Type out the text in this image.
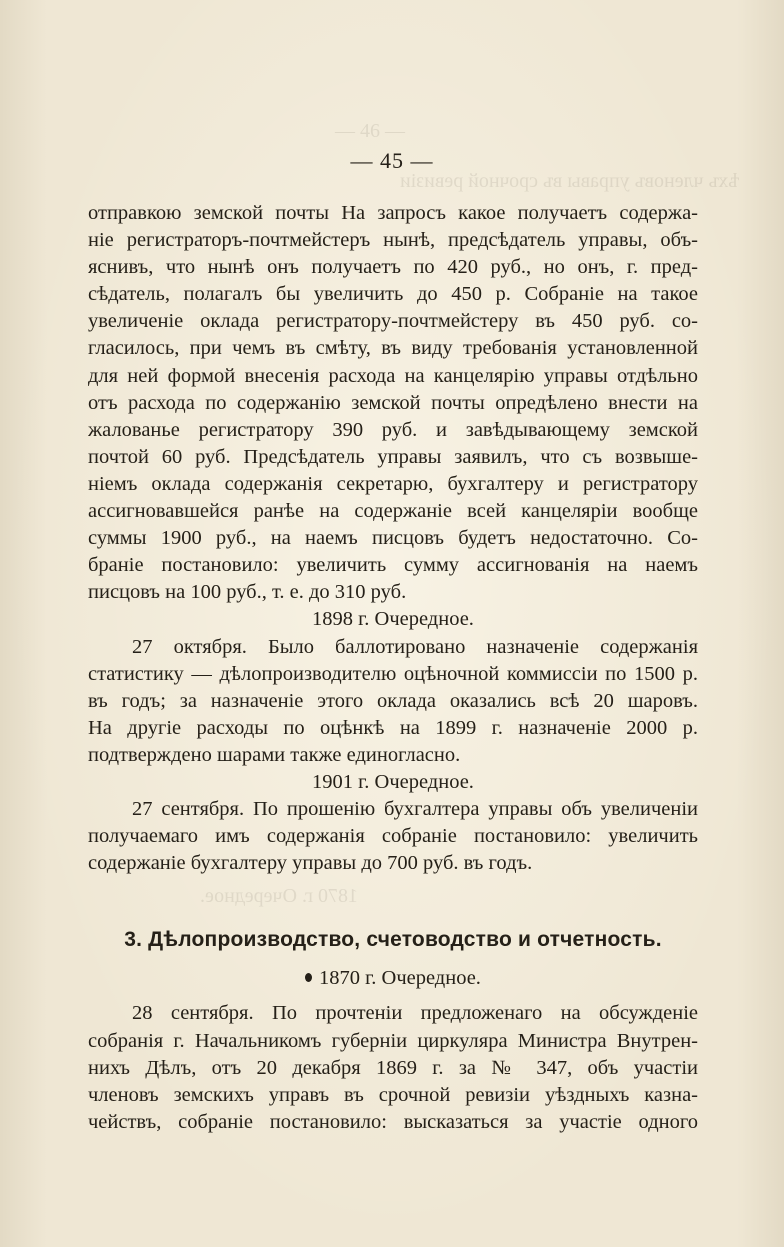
— 46 —
ѣхъ членовъ управы въ срочной ревизіи
1870 г. Очередное.
— 45 —
отправкою земской почты На запросъ какое получаетъ содержа-
ніе регистраторъ-почтмейстеръ нынѣ, предсѣдатель управы, объ-
яснивъ, что нынѣ онъ получаетъ по 420 руб., но онъ, г. пред-
сѣдатель, полагалъ бы увеличить до 450 р. Собраніе на такое
увеличеніе оклада регистратору-почтмейстеру въ 450 руб. со-
гласилось, при чемъ въ смѣту, въ виду требованія установленной
для ней формой внесенія расхода на канцелярію управы отдѣльно
отъ расхода по содержанію земской почты опредѣлено внести на
жалованье регистратору 390 руб. и завѣдывающему земской
почтой 60 руб. Предсѣдатель управы заявилъ, что съ возвыше-
ніемъ оклада содержанія секретарю, бухгалтеру и регистратору
ассигновавшейся ранѣе на содержаніе всей канцеляріи вообще
суммы 1900 руб., на наемъ писцовъ будетъ недостаточно. Со-
браніе постановило: увеличить сумму ассигнованія на наемъ
писцовъ на 100 руб., т. е. до 310 руб.
1898 г. Очередное.
27 октября. Было баллотировано назначеніе содержанія
статистику — дѣлопроизводителю оцѣночной коммиссіи по 1500 р.
въ годъ; за назначеніе этого оклада оказались всѣ 20 шаровъ.
На другіе расходы по оцѣнкѣ на 1899 г. назначеніе 2000 р.
подтверждено шарами также единогласно.
1901 г. Очередное.
27 сентября. По прошенію бухгалтера управы объ увеличеніи
получаемаго имъ содержанія собраніе постановило: увеличить
содержаніе бухгалтеру управы до 700 руб. въ годъ.
3. Дѣлопроизводство, счетоводство и отчетность.
1870 г. Очередное.
28 сентября. По прочтеніи предложенаго на обсужденіе
собранія г. Начальникомъ губерніи циркуляра Министра Внутрен-
нихъ Дѣлъ, отъ 20 декабря 1869 г. за № 347, объ участіи
членовъ земскихъ управъ въ срочной ревизіи уѣздныхъ казна-
чействъ, собраніе постановило: высказаться за участіе одного
